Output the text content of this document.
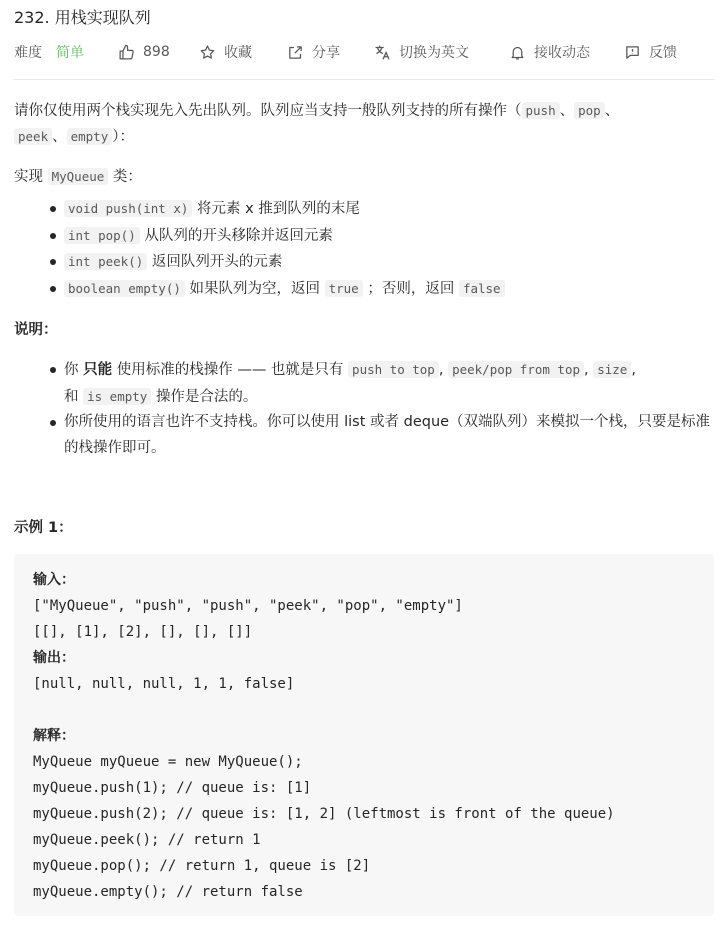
232. 用栈实现队列
难度 简单	898	收藏	分享	切换为英文	接收动态	反馈

请你仅使用两个栈实现先入先出队列。队列应当支持一般队列支持的所有操作（ push 、 pop 、
peek 、 empty ）：

实现 MyQueue 类：

void push(int x) 将元素 x 推到队列的末尾
int pop() 从队列的开头移除并返回元素
int peek() 返回队列开头的元素
boolean empty() 如果队列为空，返回 true ；否则，返回 false

说明：

你 只能 使用标准的栈操作 —— 也就是只有 push to top , peek/pop from top , size ,
和 is empty 操作是合法的。
你所使用的语言也许不支持栈。你可以使用 list 或者 deque（双端队列）来模拟一个栈，只要是标准的栈操作即可。

示例 1：

输入：
["MyQueue", "push", "push", "peek", "pop", "empty"]
[[], [1], [2], [], [], []]
输出：
[null, null, null, 1, 1, false]
解释：
MyQueue myQueue = new MyQueue();
myQueue.push(1); // queue is: [1]
myQueue.push(2); // queue is: [1, 2] (leftmost is front of the queue)
myQueue.peek(); // return 1
myQueue.pop(); // return 1, queue is [2]
myQueue.empty(); // return false
